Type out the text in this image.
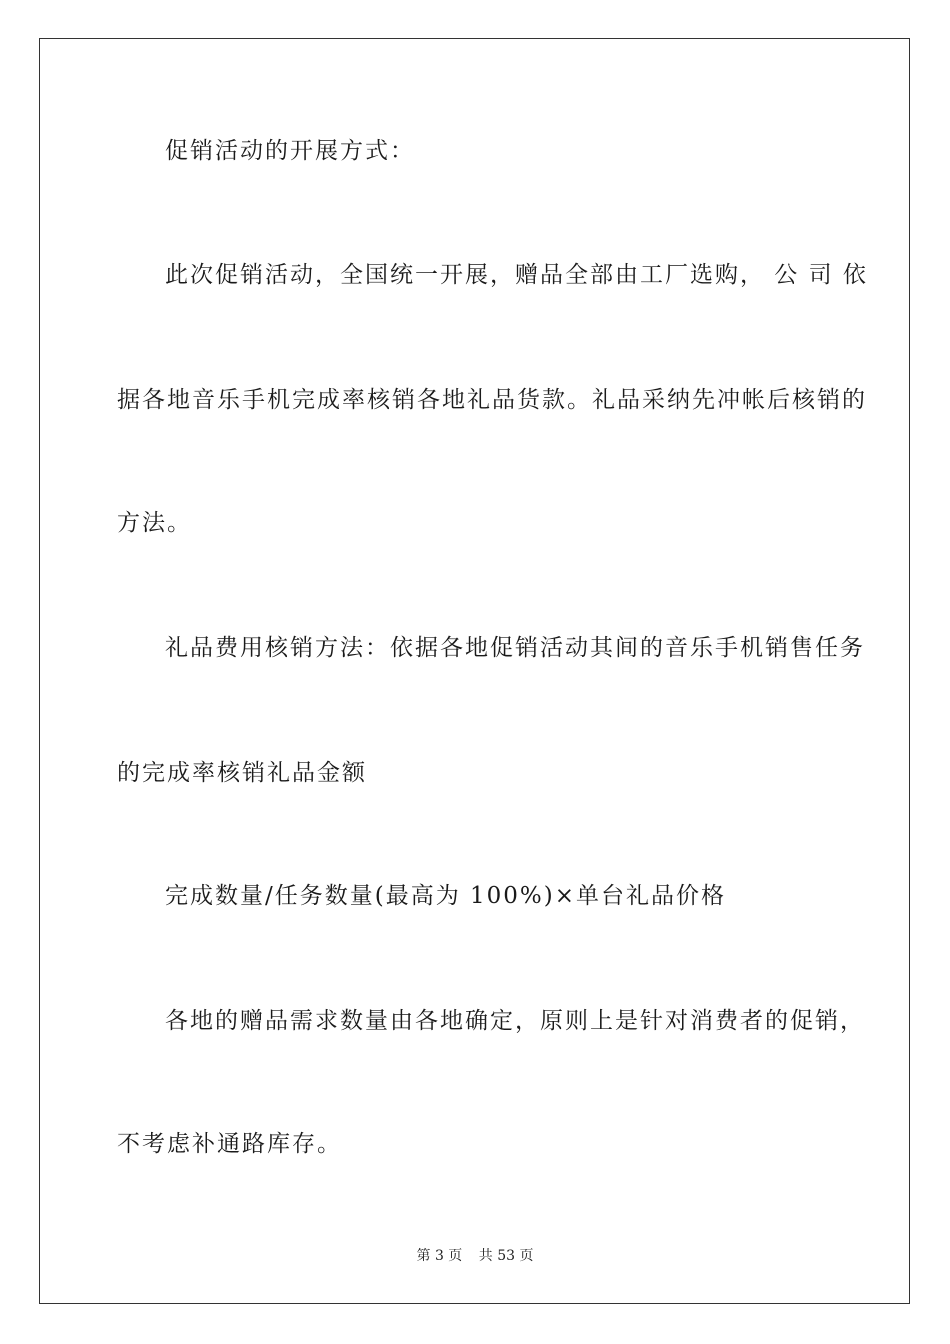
促销活动的开展方式：
此次促销活动，全国统一开展，赠品全部由工厂选购， 公 司 依
据各地音乐手机完成率核销各地礼品货款。礼品采纳先冲帐后核销的
方法。
礼品费用核销方法：依据各地促销活动其间的音乐手机销售任务
的完成率核销礼品金额
完成数量/任务数量(最高为 100%)×单台礼品价格
各地的赠品需求数量由各地确定，原则上是针对消费者的促销，
不考虑补通路库存。
第 3 页 共 53 页
